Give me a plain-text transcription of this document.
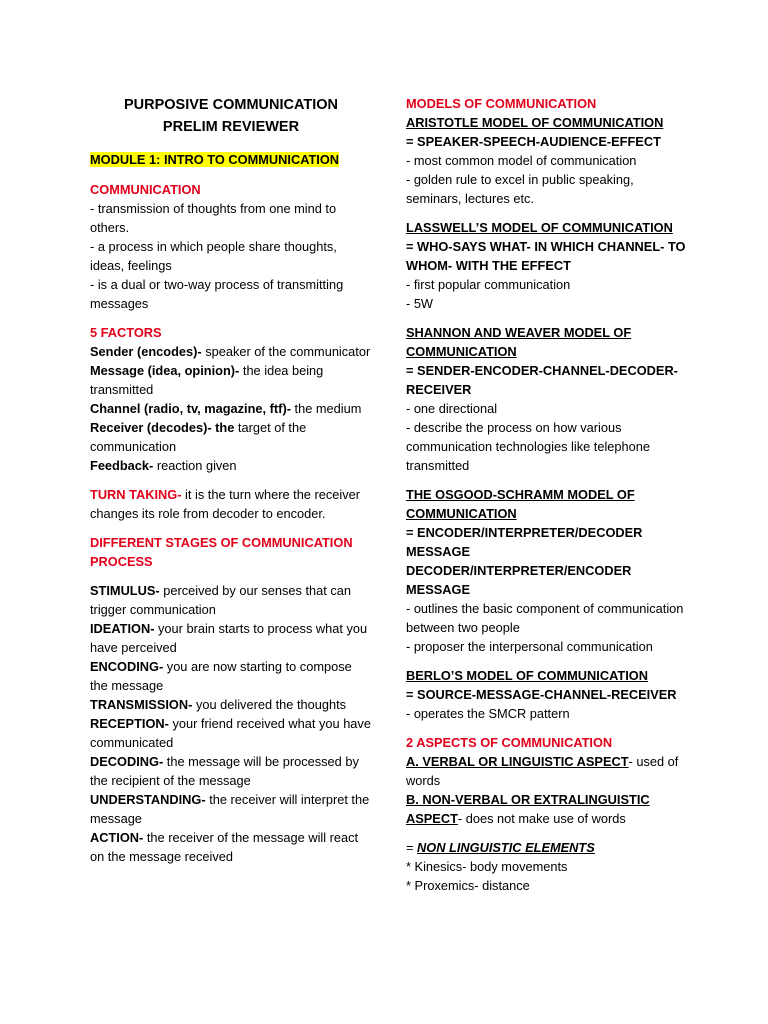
PURPOSIVE COMMUNICATION
PRELIM REVIEWER
MODULE 1: INTRO TO COMMUNICATION
COMMUNICATION
- transmission of thoughts from one mind to others.
- a process in which people share thoughts, ideas, feelings
- is a dual or two-way process of transmitting messages
5 FACTORS
Sender (encodes)- speaker of the communicator
Message (idea, opinion)- the idea being transmitted
Channel (radio, tv, magazine, ftf)- the medium
Receiver (decodes)- the target of the communication
Feedback- reaction given
TURN TAKING- it is the turn where the receiver changes its role from decoder to encoder.
DIFFERENT STAGES OF COMMUNICATION PROCESS
STIMULUS- perceived by our senses that can trigger communication
IDEATION- your brain starts to process what you have perceived
ENCODING- you are now starting to compose the message
TRANSMISSION- you delivered the thoughts
RECEPTION- your friend received what you have communicated
DECODING- the message will be processed by the recipient of the message
UNDERSTANDING- the receiver will interpret the message
ACTION- the receiver of the message will react on the message received
MODELS OF COMMUNICATION
ARISTOTLE MODEL OF COMMUNICATION
= SPEAKER-SPEECH-AUDIENCE-EFFECT
- most common model of communication
- golden rule to excel in public speaking, seminars, lectures etc.
LASSWELL’S MODEL OF COMMUNICATION
= WHO-SAYS WHAT- IN WHICH CHANNEL- TO WHOM- WITH THE EFFECT
- first popular communication
- 5W
SHANNON AND WEAVER MODEL OF COMMUNICATION
= SENDER-ENCODER-CHANNEL-DECODER-RECEIVER
- one directional
- describe the process on how various communication technologies like telephone transmitted
THE OSGOOD-SCHRAMM MODEL OF COMMUNICATION
= ENCODER/INTERPRETER/DECODER MESSAGE DECODER/INTERPRETER/ENCODER MESSAGE
- outlines the basic component of communication between two people
- proposer the interpersonal communication
BERLO’S MODEL OF COMMUNICATION
= SOURCE-MESSAGE-CHANNEL-RECEIVER
- operates the SMCR pattern
2 ASPECTS OF COMMUNICATION
A. VERBAL OR LINGUISTIC ASPECT- used of words
B. NON-VERBAL OR EXTRALINGUISTIC ASPECT- does not make use of words
= NON LINGUISTIC ELEMENTS
* Kinesics- body movements
* Proxemics- distance
